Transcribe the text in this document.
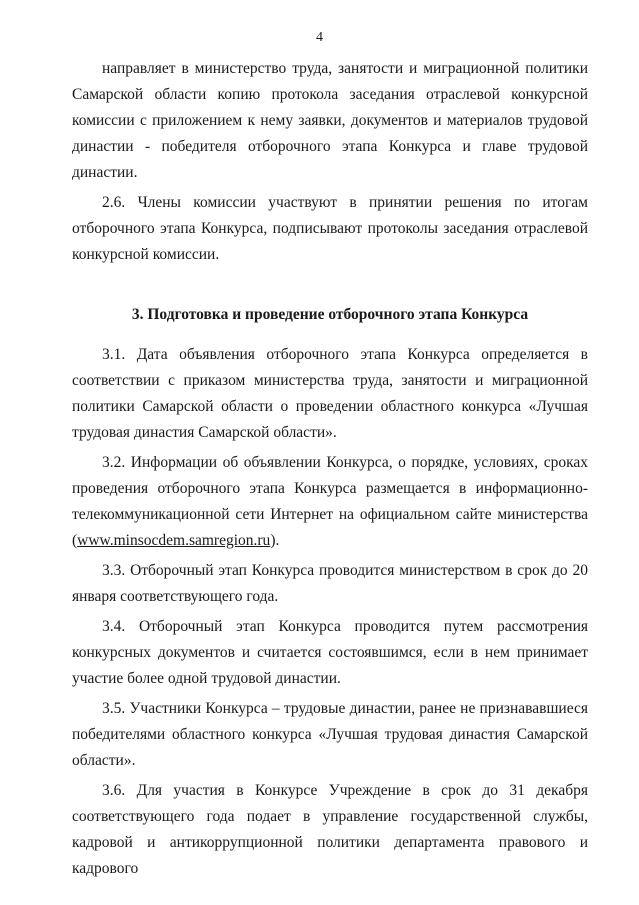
4

направляет в министерство труда, занятости и миграционной политики Самарской области копию протокола заседания отраслевой конкурсной комиссии с приложением к нему заявки, документов и материалов трудовой династии - победителя отборочного этапа Конкурса и главе трудовой династии.

2.6. Члены комиссии участвуют в принятии решения по итогам отборочного этапа Конкурса, подписывают протоколы заседания отраслевой конкурсной комиссии.

3. Подготовка и проведение отборочного этапа Конкурса

3.1. Дата объявления отборочного этапа Конкурса определяется в соответствии с приказом министерства труда, занятости и миграционной политики Самарской области о проведении областного конкурса «Лучшая трудовая династия Самарской области».

3.2. Информации об объявлении Конкурса, о порядке, условиях, сроках проведения отборочного этапа Конкурса размещается в информационно-телекоммуникационной сети Интернет на официальном сайте министерства (www.minsocdem.samregion.ru).

3.3. Отборочный этап Конкурса проводится министерством в срок до 20 января соответствующего года.

3.4. Отборочный этап Конкурса проводится путем рассмотрения конкурсных документов и считается состоявшимся, если в нем принимает участие более одной трудовой династии.

3.5. Участники Конкурса – трудовые династии, ранее не признававшиеся победителями областного конкурса «Лучшая трудовая династия Самарской области».

3.6. Для участия в Конкурсе Учреждение в срок до 31 декабря соответствующего года подает в управление государственной службы, кадровой и антикоррупционной политики департамента правового и кадрового
